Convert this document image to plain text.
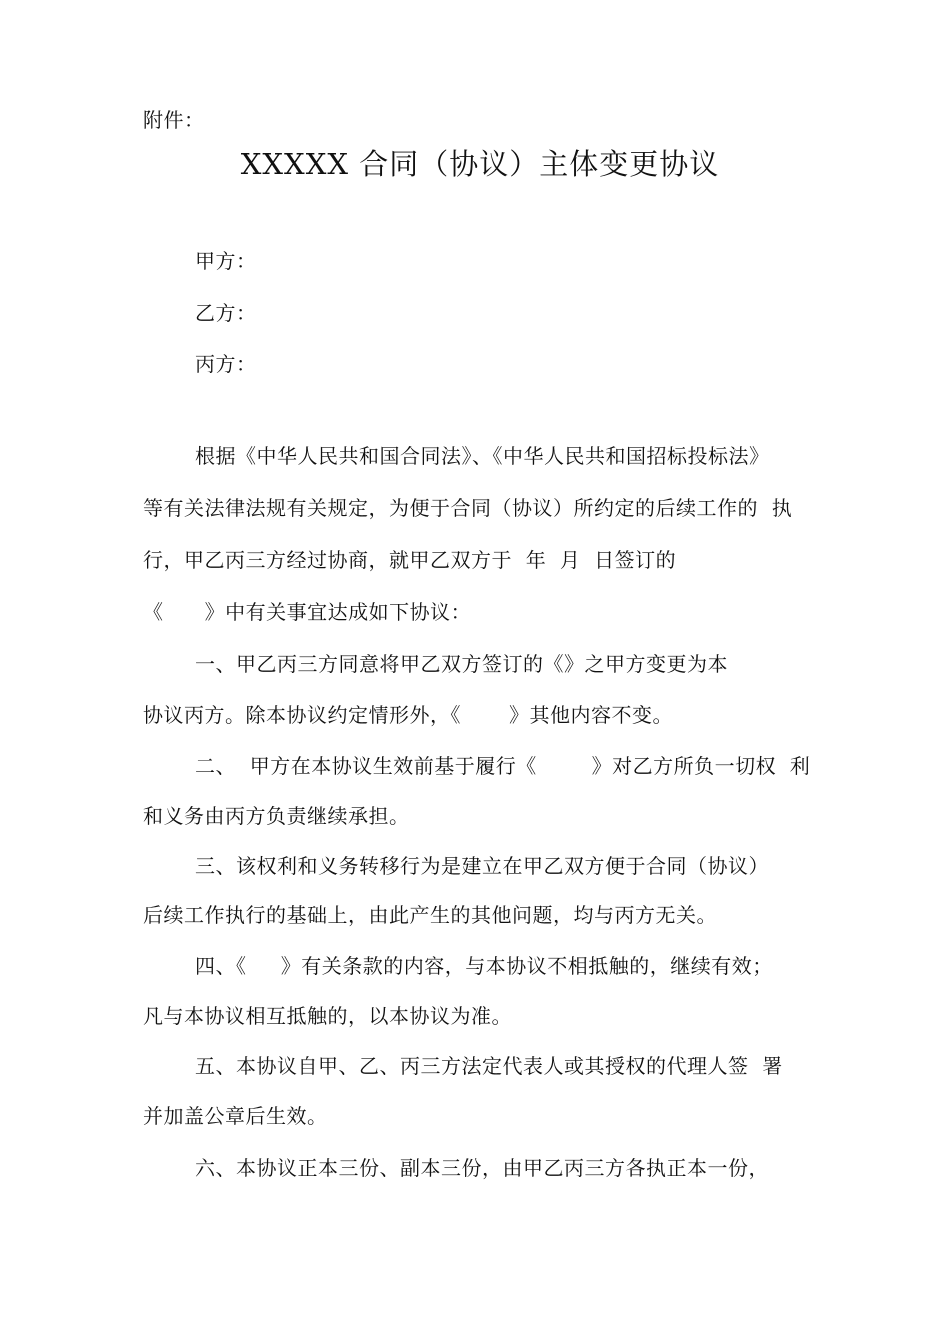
附件：
XXXXX 合同（协议）主体变更协议
甲方：
乙方：
丙方：
根据《中华人民共和国合同法》、《中华人民共和国招标投标法》
等有关法律法规有关规定，为便于合同（协议）所约定的后续工作的  执
行，甲乙丙三方经过协商，就甲乙双方于  年  月  日签订的
《      》中有关事宜达成如下协议：
一、甲乙丙三方同意将甲乙双方签订的《》之甲方变更为本
协议丙方。除本协议约定情形外，《       》其他内容不变。
二、  甲方在本协议生效前基于履行《        》对乙方所负一切权  利
和义务由丙方负责继续承担。
三、该权利和义务转移行为是建立在甲乙双方便于合同（协议）
后续工作执行的基础上，由此产生的其他问题，均与丙方无关。
四、《     》有关条款的内容，与本协议不相抵触的，继续有效；
凡与本协议相互抵触的，以本协议为准。
五、本协议自甲、乙、丙三方法定代表人或其授权的代理人签  署
并加盖公章后生效。
六、本协议正本三份、副本三份，由甲乙丙三方各执正本一份，
